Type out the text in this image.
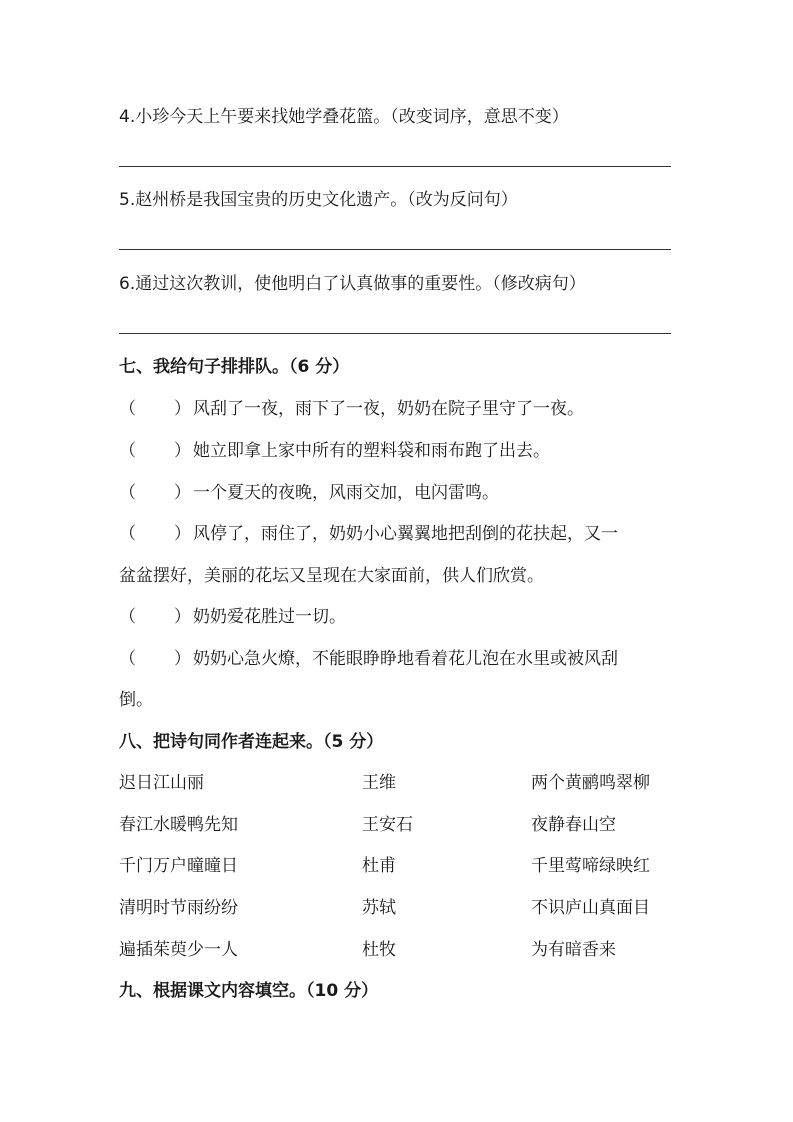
4.小珍今天上午要来找她学叠花篮。（改变词序，意思不变）
5.赵州桥是我国宝贵的历史文化遗产。（改为反问句）
6.通过这次教训，使他明白了认真做事的重要性。（修改病句）
七、我给句子排排队。（6 分）
（ ） 风刮了一夜，雨下了一夜，奶奶在院子里守了一夜。
（ ） 她立即拿上家中所有的塑料袋和雨布跑了出去。
（ ） 一个夏天的夜晚，风雨交加，电闪雷鸣。
（ ） 风停了，雨住了，奶奶小心翼翼地把刮倒的花扶起，又一
盆盆摆好，美丽的花坛又呈现在大家面前，供人们欣赏。
（ ） 奶奶爱花胜过一切。
（ ） 奶奶心急火燎，不能眼睁睁地看着花儿泡在水里或被风刮
倒。
八、把诗句同作者连起来。（5 分）
迟日江山丽	王维	两个黄鹂鸣翠柳
春江水暖鸭先知	王安石	夜静春山空
千门万户曈曈日	杜甫	千里莺啼绿映红
清明时节雨纷纷	苏轼	不识庐山真面目
遍插茱萸少一人	杜牧	为有暗香来
九、根据课文内容填空。（10 分）
